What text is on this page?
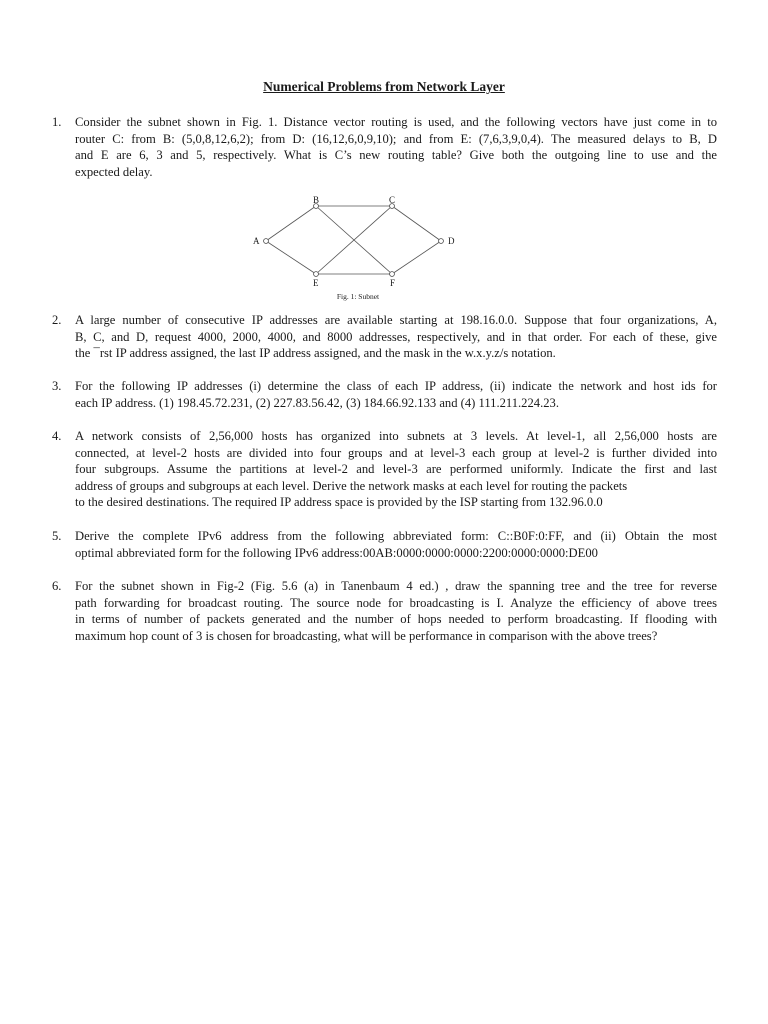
Numerical Problems from Network Layer
1.	Consider the subnet shown in Fig. 1. Distance vector routing is used, and the following vectors have just come in to
router C: from B: (5,0,8,12,6,2); from D: (16,12,6,0,9,10); and from E: (7,6,3,9,0,4). The measured delays to B, D
and E are 6, 3 and 5, respectively. What is C’s new routing table? Give both the outgoing line to use and the
expected delay.
A
B	C
D
E	F
Fig. 1: Subnet
2.	A large number of consecutive IP addresses are available starting at 198.16.0.0. Suppose that four organizations, A,
B, C, and D, request 4000, 2000, 4000, and 8000 addresses, respectively, and in that order. For each of these, give
the ¯rst IP address assigned, the last IP address assigned, and the mask in the w.x.y.z/s notation.
3.	For the following IP addresses (i) determine the class of each IP address, (ii) indicate the network and host ids for
each IP address. (1) 198.45.72.231, (2) 227.83.56.42, (3) 184.66.92.133 and (4) 111.211.224.23.
4.	A network consists of 2,56,000 hosts has organized into subnets at 3 levels. At level-1, all 2,56,000 hosts are
connected, at level-2 hosts are divided into four groups and at level-3 each group at level-2 is further divided into
four subgroups. Assume the partitions at level-2 and level-3 are performed uniformly. Indicate the first and last
address of groups and subgroups at each level. Derive the network masks at each level for routing the packets
to the desired destinations. The required IP address space is provided by the ISP starting from 132.96.0.0
5.	Derive the complete IPv6 address from the following abbreviated form: C::B0F:0:FF, and (ii) Obtain the most
optimal abbreviated form for the following IPv6 address:00AB:0000:0000:0000:2200:0000:0000:DE00
6.	For the subnet shown in Fig-2 (Fig. 5.6 (a) in Tanenbaum 4 ed.) , draw the spanning tree and the tree for reverse
path forwarding for broadcast routing. The source node for broadcasting is I. Analyze the efficiency of above trees
in terms of number of packets generated and the number of hops needed to perform broadcasting. If flooding with
maximum hop count of 3 is chosen for broadcasting, what will be performance in comparison with the above trees?
